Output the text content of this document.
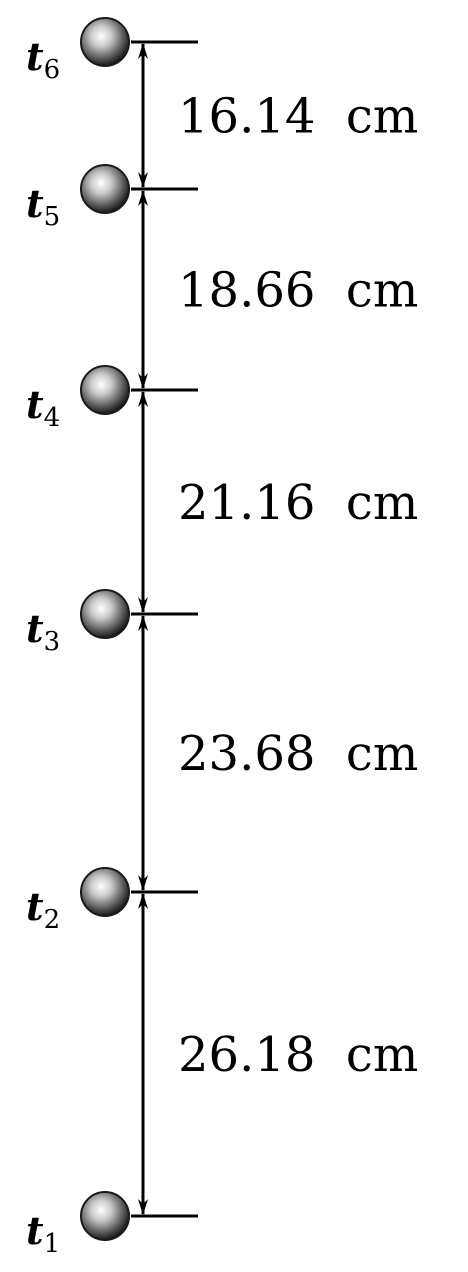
$t_1$
$t_2$
$t_3$
$t_4$
$t_5$
$t_6$
26.18  cm
23.68  cm
21.16  cm
18.66  cm
16.14  cm
